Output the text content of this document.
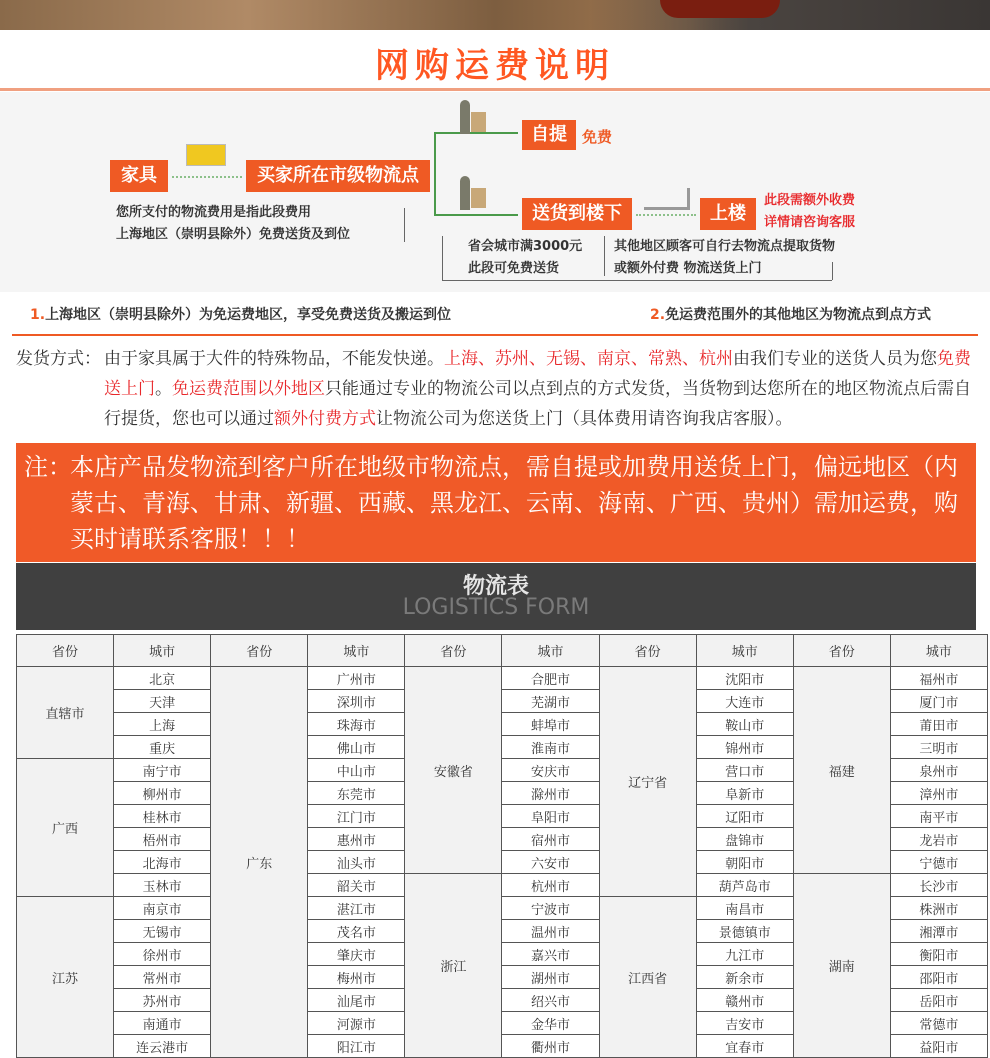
网购运费说明
家具	买家所在市级物流点
自提	免费
送货到楼下	上楼
此段需额外收费
详情请咨询客服
您所支付的物流费用是指此段费用
上海地区（崇明县除外）免费送货及到位
省会城市满3000元
此段可免费送货
其他地区顾客可自行去物流点提取货物
或额外付费 物流送货上门
1.上海地区（崇明县除外）为免运费地区，享受免费送货及搬运到位	2.免运费范围外的其他地区为物流点到点方式
发货方式： 由于家具属于大件的特殊物品，不能发快递。上海、苏州、无锡、南京、常熟、杭州由我们专业的送货人员为您免费送上门。免运费范围以外地区只能通过专业的物流公司以点到点的方式发货，当货物到达您所在的地区物流点后需自行提货，您也可以通过额外付费方式让物流公司为您送货上门（具体费用请咨询我店客服）。
注：
本店产品发物流到客户所在地级市物流点，需自提或加费用送货上门，偏远地区（内蒙古、青海、甘肃、新疆、西藏、黑龙江、云南、海南、广西、贵州）需加运费，购买时请联系客服！！！
物流表
LOGISTICS FORM
省份	城市	省份	城市	省份	城市	省份	城市	省份	城市
直辖市	北京	广东	广州市	安徽省	合肥市	辽宁省	沈阳市	福建	福州市
	天津		深圳市		芜湖市		大连市		厦门市
	上海		珠海市		蚌埠市		鞍山市		莆田市
	重庆		佛山市		淮南市		锦州市		三明市
广西	南宁市		中山市		安庆市		营口市		泉州市
	柳州市		东莞市		滁州市		阜新市		漳州市
	桂林市		江门市		阜阳市		辽阳市		南平市
	梧州市		惠州市		宿州市		盘锦市		龙岩市
	北海市		汕头市		六安市		朝阳市		宁德市
	玉林市		韶关市	浙江	杭州市		葫芦岛市	湖南	长沙市
江苏	南京市		湛江市		宁波市	江西省	南昌市		株洲市
	无锡市		茂名市		温州市		景德镇市		湘潭市
	徐州市		肇庆市		嘉兴市		九江市		衡阳市
	常州市		梅州市		湖州市		新余市		邵阳市
	苏州市		汕尾市		绍兴市		赣州市		岳阳市
	南通市		河源市		金华市		吉安市		常德市
	连云港市		阳江市		衢州市		宜春市		益阳市
